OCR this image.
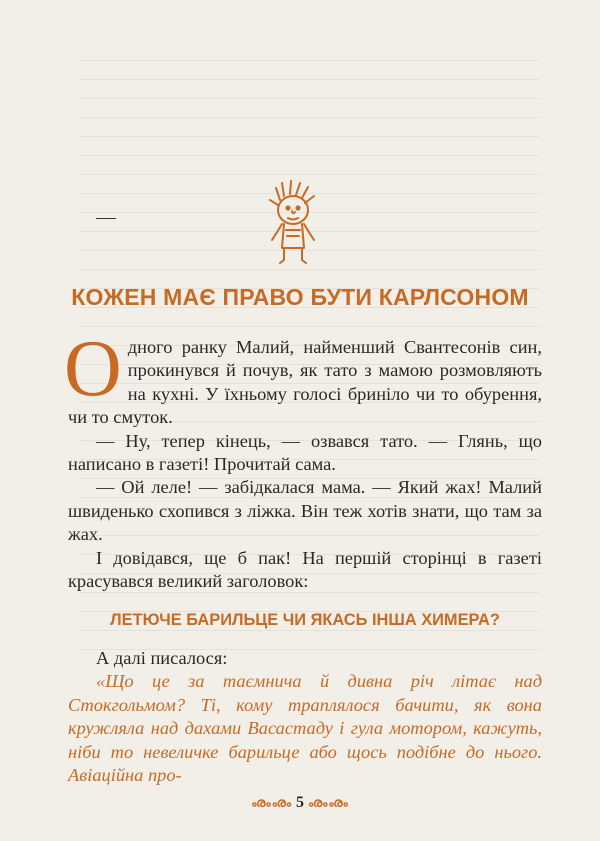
—
КОЖЕН МАЄ ПРАВО БУТИ КАРЛСОНОМ

Одного ранку Малий, найменший Свантесонів син, прокинувся й почув, як тато з мамою розмовляють на кухні. У їхньому голосі бриніло чи то обурення, чи то смуток.

— Ну, тепер кінець, — озвався тато. — Глянь, що написано в газеті! Прочитай сама.

— Ой леле! — забідкалася мама. — Який жах! Малий швиденько схопився з ліжка. Він теж хотів знати, що там за жах.

І довідався, ще б пак! На першій сторінці в газеті красувався великий заголовок:

ЛЕТЮЧЕ БАРИЛЬЦЕ ЧИ ЯКАСЬ ІНША ХИМЕРА?

А далі писалося:

«Що це за таємнича й дивна річ літає над Стокгольмом? Ті, кому траплялося бачити, як вона кружляла над дахами Васастаду і гула мотором, кажуть, ніби то невеличке барильце або щось подібне до нього. Авіаційна про-

ൟൟ 5 ൟൟ
